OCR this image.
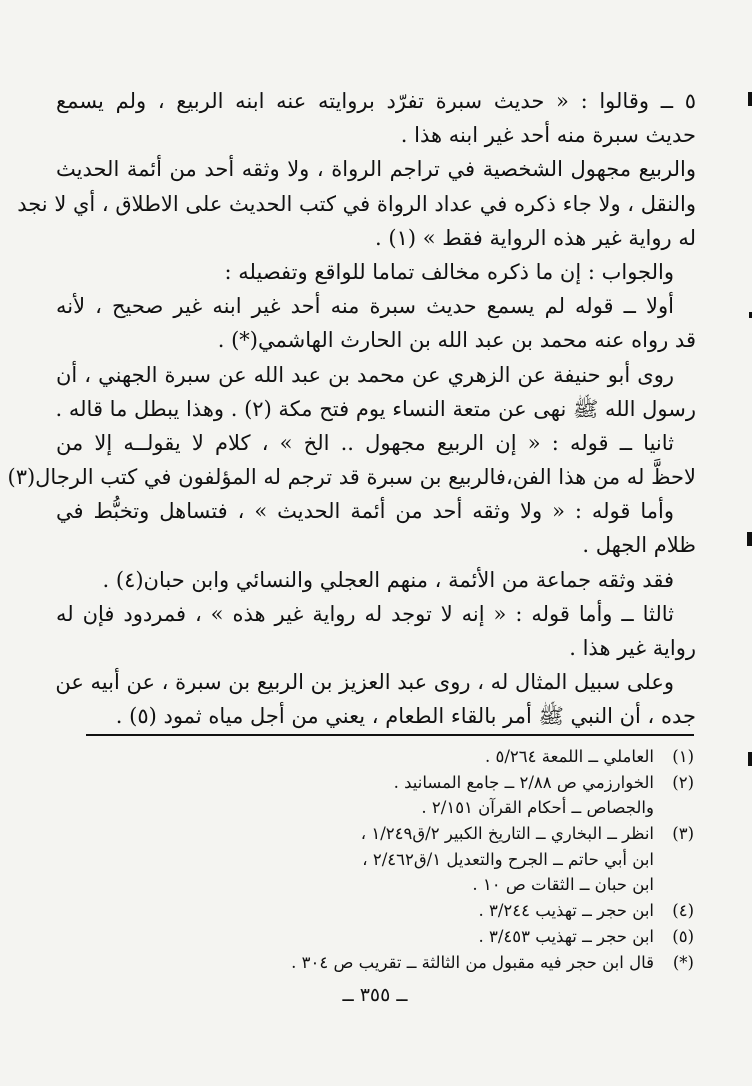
٥ ــ وقالوا : « حديث سبرة تفرّد بروايته عنه ابنه الربيع ، ولم يسمع
حديث سبرة منه أحد غير ابنه هذا .
والربيع مجهول الشخصية في تراجم الرواة ، ولا وثقه أحد من أئمة الحديث
والنقل ، ولا جاء ذكره في عداد الرواة في كتب الحديث على الاطلاق ، أي لا نجد
له رواية غير هذه الرواية فقط » (١) .
والجواب : إن ما ذكره مخالف تماما للواقع وتفصيله :
أولا ــ قوله لم يسمع حديث سبرة منه أحد غير ابنه غير صحيح ، لأنه
قد رواه عنه محمد بن عبد الله بن الحارث الهاشمي(*) .
روى أبو حنيفة عن الزهري عن محمد بن عبد الله عن سبرة الجهني ، أن
رسول الله ﷺ نهى عن متعة النساء يوم فتح مكة (٢) . وهذا يبطل ما قاله .
ثانيا ــ قوله : « إن الربيع مجهول .. الخ » ، كلام لا يقولــه إلا من
لاحظَّ له من هذا الفن،فالربيع بن سبرة قد ترجم له المؤلفون في كتب الرجال(٣)
وأما قوله : « ولا وثقه أحد من أئمة الحديث » ، فتساهل وتخبُّط في
ظلام الجهل .
فقد وثقه جماعة من الأئمة ، منهم العجلي والنسائي وابن حبان(٤) .
ثالثا ــ وأما قوله : « إنه لا توجد له رواية غير هذه » ، فمردود فإن له
رواية غير هذا .
وعلى سبيل المثال له ، روى عبد العزيز بن الربيع بن سبرة ، عن أبيه عن
جده ، أن النبي ﷺ أمر بالقاء الطعام ، يعني من أجل مياه ثمود (٥) .
(١)
العاملي ــ اللمعة ٥/٢٦٤ .
(٢)
الخوارزمي ص ٢/٨٨ ــ جامع المسانيد .
والجصاص ــ أحكام القرآن ٢/١٥١ .
(٣)
انظر ــ البخاري ــ التاريخ الكبير ٢/ق١/٢٤٩ ،
ابن أبي حاتم ــ الجرح والتعديل ١/ق٢/٤٦٢ ،
ابن حبان ــ الثقات ص ١٠ .
(٤)
ابن حجر ــ تهذيب ٣/٢٤٤ .
(٥)
ابن حجر ــ تهذيب ٣/٤٥٣ .
(*)
قال ابن حجر فيه مقبول من الثالثة ــ تقريب ص ٣٠٤ .
ــ ٣٥٥ ــ
